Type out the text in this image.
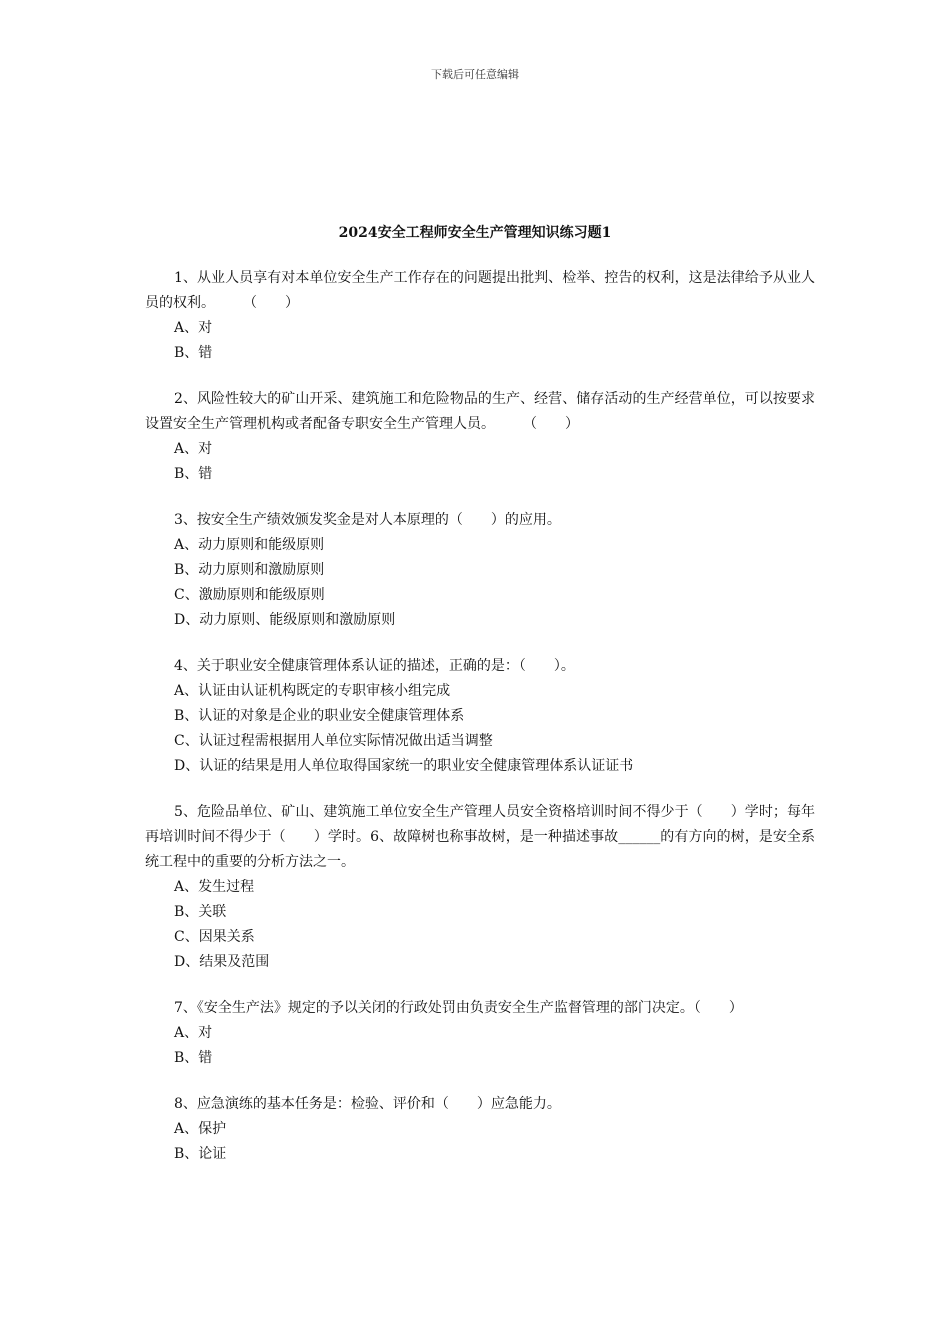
下载后可任意编辑
2024安全工程师安全生产管理知识练习题1

1、从业人员享有对本单位安全生产工作存在的问题提出批判、检举、控告的权利，这是法律给予从业人员的权利。　　　（　　）

A、对

B、错

2、风险性较大的矿山开采、建筑施工和危险物品的生产、经营、储存活动的生产经营单位，可以按要求设置安全生产管理机构或者配备专职安全生产管理人员。　　　（　　）

A、对

B、错

3、按安全生产绩效颁发奖金是对人本原理的（　　）的应用。

A、动力原则和能级原则

B、动力原则和激励原则

C、激励原则和能级原则

D、动力原则、能级原则和激励原则

4、关于职业安全健康管理体系认证的描述，正确的是：（　　）。

A、认证由认证机构既定的专职审核小组完成

B、认证的对象是企业的职业安全健康管理体系

C、认证过程需根据用人单位实际情况做出适当调整

D、认证的结果是用人单位取得国家统一的职业安全健康管理体系认证证书

5、危险品单位、矿山、建筑施工单位安全生产管理人员安全资格培训时间不得少于（　　）学时；每年再培训时间不得少于（　　）学时。6、故障树也称事故树，是一种描述事故______的有方向的树，是安全系统工程中的重要的分析方法之一。

A、发生过程

B、关联

C、因果关系

D、结果及范围

7、《安全生产法》规定的予以关闭的行政处罚由负责安全生产监督管理的部门决定。（　　）

A、对

B、错

8、应急演练的基本任务是：检验、评价和（　　）应急能力。

A、保护

B、论证
